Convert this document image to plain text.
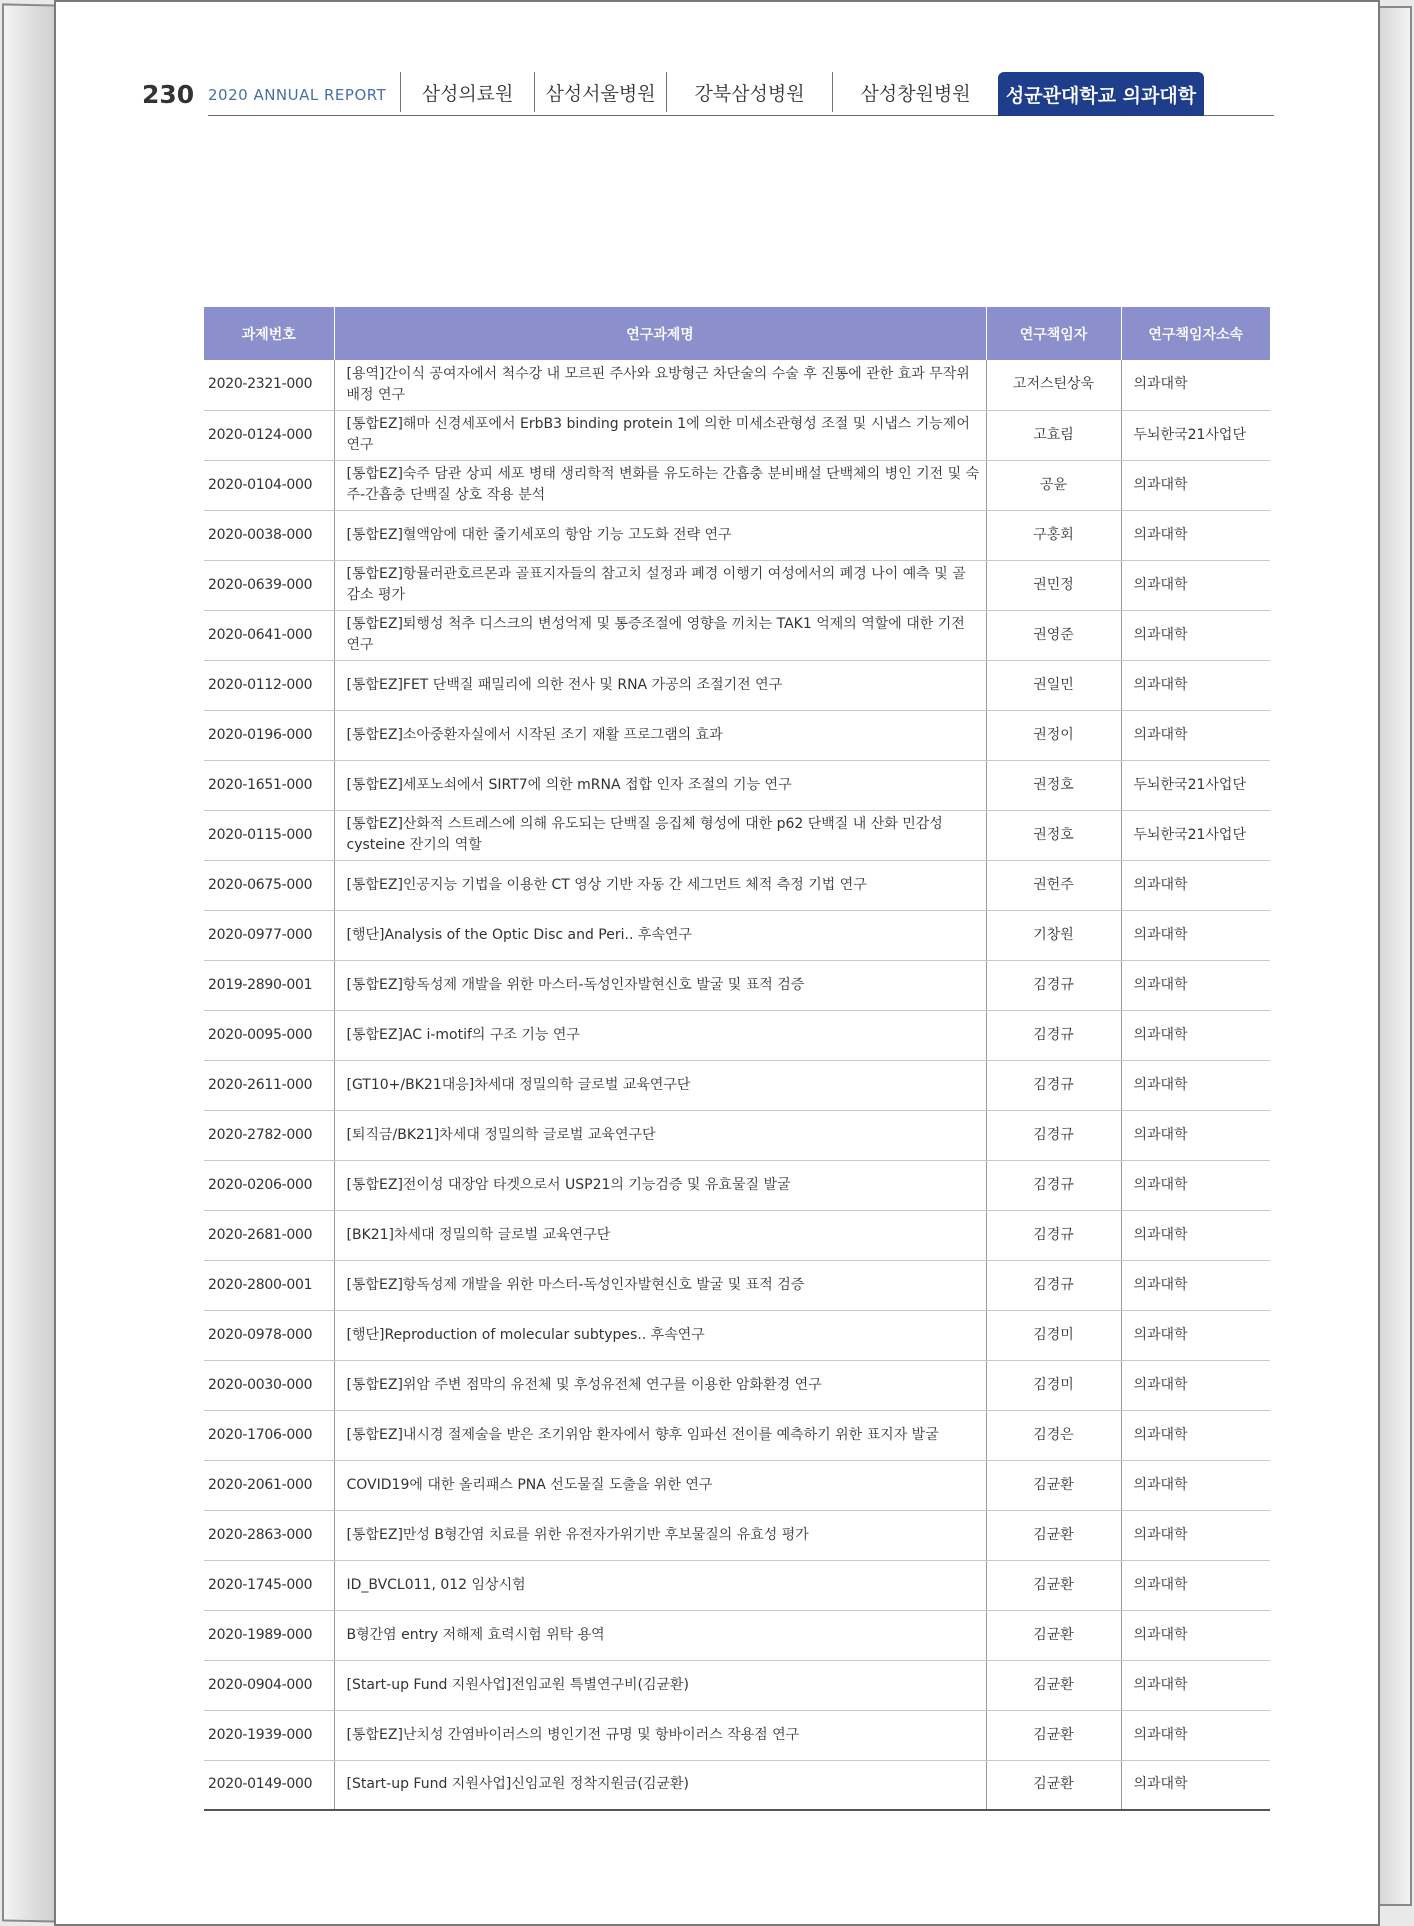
230 2020 ANNUAL REPORT	삼성의료원	삼성서울병원	강북삼성병원	삼성창원병원	성균관대학교 의과대학
과제번호	연구과제명	연구책임자	연구책임자소속
2020-2321-000	[용역]간이식 공여자에서 척수강 내 모르핀 주사와 요방형근 차단술의 수술 후 진통에 관한 효과 무작위 배정 연구	고저스틴상욱	의과대학
2020-0124-000	[통합EZ]해마 신경세포에서 ErbB3 binding protein 1에 의한 미세소관형성 조절 및 시냅스 기능제어 연구	고효림	두뇌한국21사업단
2020-0104-000	[통합EZ]숙주 담관 상피 세포 병태 생리학적 변화를 유도하는 간흡충 분비배설 단백체의 병인 기전 및 숙주-간흡충 단백질 상호 작용 분석	공윤	의과대학
2020-0038-000	[통합EZ]혈액암에 대한 줄기세포의 항암 기능 고도화 전략 연구	구홍회	의과대학
2020-0639-000	[통합EZ]항뮬러관호르몬과 골표지자들의 참고치 설정과 폐경 이행기 여성에서의 폐경 나이 예측 및 골 감소 평가	권민정	의과대학
2020-0641-000	[통합EZ]퇴행성 척추 디스크의 변성억제 및 통증조절에 영향을 끼치는 TAK1 억제의 역할에 대한 기전 연구	권영준	의과대학
2020-0112-000	[통합EZ]FET 단백질 패밀리에 의한 전사 및 RNA 가공의 조절기전 연구	권일민	의과대학
2020-0196-000	[통합EZ]소아중환자실에서 시작된 조기 재활 프로그램의 효과	권정이	의과대학
2020-1651-000	[통합EZ]세포노쇠에서 SIRT7에 의한 mRNA 접합 인자 조절의 기능 연구	권정호	두뇌한국21사업단
2020-0115-000	[통합EZ]산화적 스트레스에 의해 유도되는 단백질 응집체 형성에 대한 p62 단백질 내 산화 민감성 cysteine 잔기의 역할	권정호	두뇌한국21사업단
2020-0675-000	[통합EZ]인공지능 기법을 이용한 CT 영상 기반 자동 간 세그먼트 체적 측정 기법 연구	권헌주	의과대학
2020-0977-000	[행단]Analysis of the Optic Disc and Peri.. 후속연구	기창원	의과대학
2019-2890-001	[통합EZ]항독성제 개발을 위한 마스터-독성인자발현신호 발굴 및 표적 검증	김경규	의과대학
2020-0095-000	[통합EZ]AC i-motif의 구조 기능 연구	김경규	의과대학
2020-2611-000	[GT10+/BK21대응]차세대 정밀의학 글로벌 교육연구단	김경규	의과대학
2020-2782-000	[퇴직금/BK21]차세대 정밀의학 글로벌 교육연구단	김경규	의과대학
2020-0206-000	[통합EZ]전이성 대장암 타겟으로서 USP21의 기능검증 및 유효물질 발굴	김경규	의과대학
2020-2681-000	[BK21]차세대 정밀의학 글로벌 교육연구단	김경규	의과대학
2020-2800-001	[통합EZ]항독성제 개발을 위한 마스터-독성인자발현신호 발굴 및 표적 검증	김경규	의과대학
2020-0978-000	[행단]Reproduction of molecular subtypes.. 후속연구	김경미	의과대학
2020-0030-000	[통합EZ]위암 주변 점막의 유전체 및 후성유전체 연구를 이용한 암화환경 연구	김경미	의과대학
2020-1706-000	[통합EZ]내시경 절제술을 받은 조기위암 환자에서 향후 임파선 전이를 예측하기 위한 표지자 발굴	김경은	의과대학
2020-2061-000	COVID19에 대한 올리패스 PNA 선도물질 도출을 위한 연구	김균환	의과대학
2020-2863-000	[통합EZ]만성 B형간염 치료를 위한 유전자가위기반 후보물질의 유효성 평가	김균환	의과대학
2020-1745-000	ID_BVCL011, 012 임상시험	김균환	의과대학
2020-1989-000	B형간염 entry 저해제 효력시험 위탁 용역	김균환	의과대학
2020-0904-000	[Start-up Fund 지원사업]전임교원 특별연구비(김균환)	김균환	의과대학
2020-1939-000	[통합EZ]난치성 간염바이러스의 병인기전 규명 및 항바이러스 작용점 연구	김균환	의과대학
2020-0149-000	[Start-up Fund 지원사업]신임교원 정착지원금(김균환)	김균환	의과대학
